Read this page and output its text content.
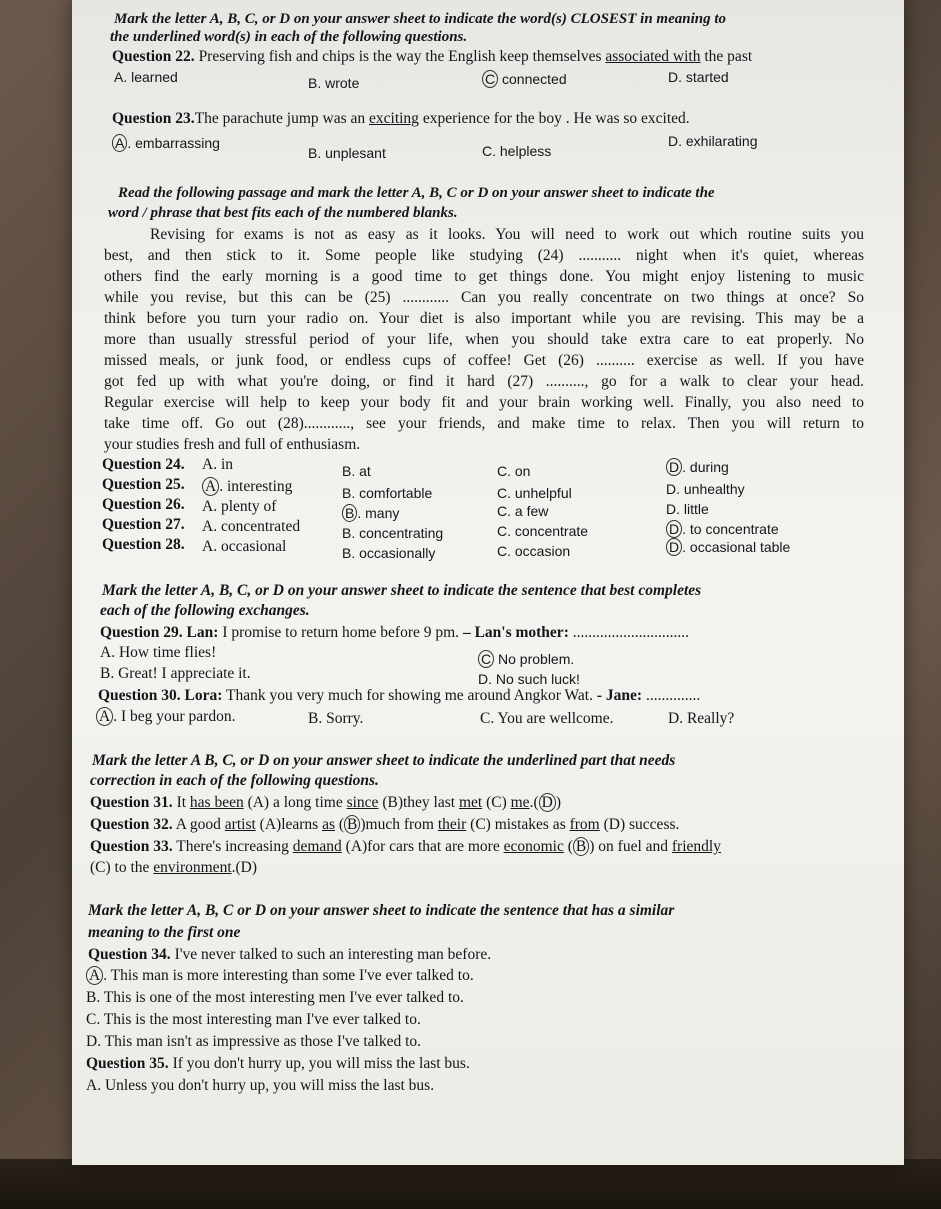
Mark the letter A, B, C, or D on your answer sheet to indicate the word(s) CLOSEST in meaning to
the underlined word(s) in each of the following questions.
Question 22. Preserving fish and chips is the way the English keep themselves associated with the past
A. learned	B. wrote	C connected	D. started
Question 23.The parachute jump was an exciting experience for the boy . He was so excited.
A . embarrassing
B. unplesant	C. helpless
D. exhilarating
Read the following passage and mark the letter A, B, C or D on your answer sheet to indicate the
word / phrase that best fits each of the numbered blanks.
Revising for exams is not as easy as it looks. You will need to work out which routine suits you
best, and then stick to it. Some people like studying (24) ........... night when it's quiet, whereas
others find the early morning is a good time to get things done. You might enjoy listening to music
while you revise, but this can be (25) ............ Can you really concentrate on two things at once? So
think before you turn your radio on. Your diet is also important while you are revising. This may be a
more than usually stressful period of your life, when you should take extra care to eat properly. No
missed meals, or junk food, or endless cups of coffee! Get (26) .......... exercise as well. If you have
got fed up with what you're doing, or find it hard (27) .........., go for a walk to clear your head.
Regular exercise will help to keep your body fit and your brain working well. Finally, you also need to
take time off. Go out (28)............, see your friends, and make time to relax. Then you will return to
your studies fresh and full of enthusiasm.
Question 24. A. in	B. at	C. on	D . during
Question 25. A . interesting	B. comfortable	C. unhelpful	D. unhealthy
Question 26. A. plenty of	B . many	C. a few	D. little
Question 27. A. concentrated	B. concentrating	C. concentrate	D . to concentrate
Question 28. A. occasional	B. occasionally	C. occasion	D . occasional table
Mark the letter A, B, C, or D on your answer sheet to indicate the sentence that best completes
each of the following exchanges.
Question 29. Lan: I promise to return home before 9 pm. – Lan's mother: ..............................
A. How time flies!	C No problem.
B. Great! I appreciate it.	D. No such luck!
Question 30. Lora: Thank you very much for showing me around Angkor Wat. - Jane: ..............
A . I beg your pardon.	B. Sorry.	C. You are wellcome.	D. Really?
Mark the letter A B, C, or D on your answer sheet to indicate the underlined part that needs
correction in each of the following questions.
Question 31. It has been (A) a long time since (B)they last met (C) me.( D )
Question 32. A good artist (A)learns as ( B )much from their (C) mistakes as from (D) success.
Question 33. There's increasing demand (A)for cars that are more economic ( B ) on fuel and friendly
(C) to the environment.(D)
Mark the letter A, B, C or D on your answer sheet to indicate the sentence that has a similar
meaning to the first one
Question 34. I've never talked to such an interesting man before.
A . This man is more interesting than some I've ever talked to.
B. This is one of the most interesting men I've ever talked to.
C. This is the most interesting man I've ever talked to.
D. This man isn't as impressive as those I've talked to.
Question 35. If you don't hurry up, you will miss the last bus.
A. Unless you don't hurry up, you will miss the last bus.
